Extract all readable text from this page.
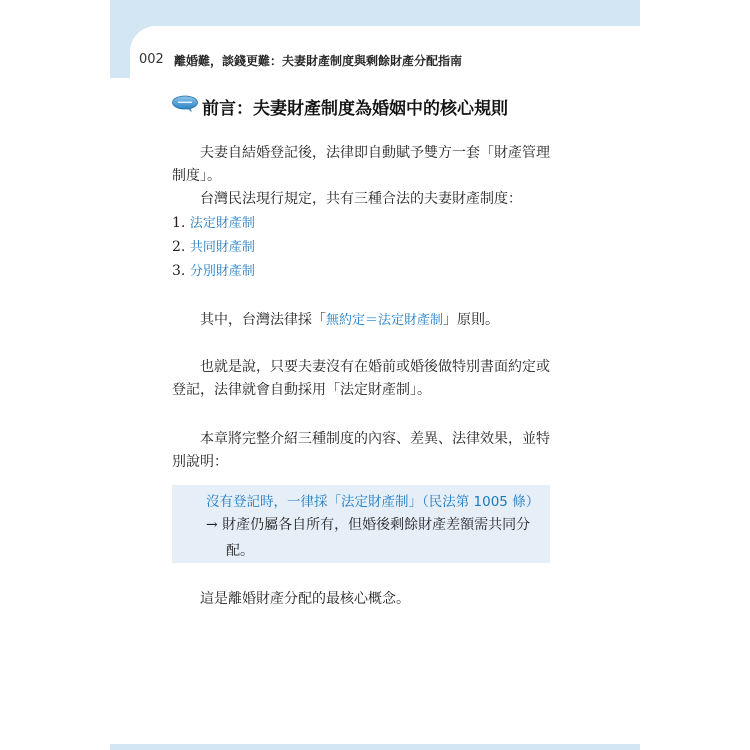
002 離婚難，談錢更難：夫妻財產制度與剩餘財產分配指南
前言：夫妻財產制度為婚姻中的核心規則

夫妻自結婚登記後，法律即自動賦予雙方一套「財產管理
制度」。

台灣民法現行規定，共有三種合法的夫妻財產制度：

1. 法定財產制
2. 共同財產制
3. 分別財產制

其中，台灣法律採「無約定＝法定財產制」原則。

也就是說，只要夫妻沒有在婚前或婚後做特別書面約定或
登記，法律就會自動採用「法定財產制」。

本章將完整介紹三種制度的內容、差異、法律效果，並特
別說明：

沒有登記時，一律採「法定財產制」（民法第 1005 條）
→ 財產仍屬各自所有，但婚後剩餘財產差額需共同分
配。

這是離婚財產分配的最核心概念。
